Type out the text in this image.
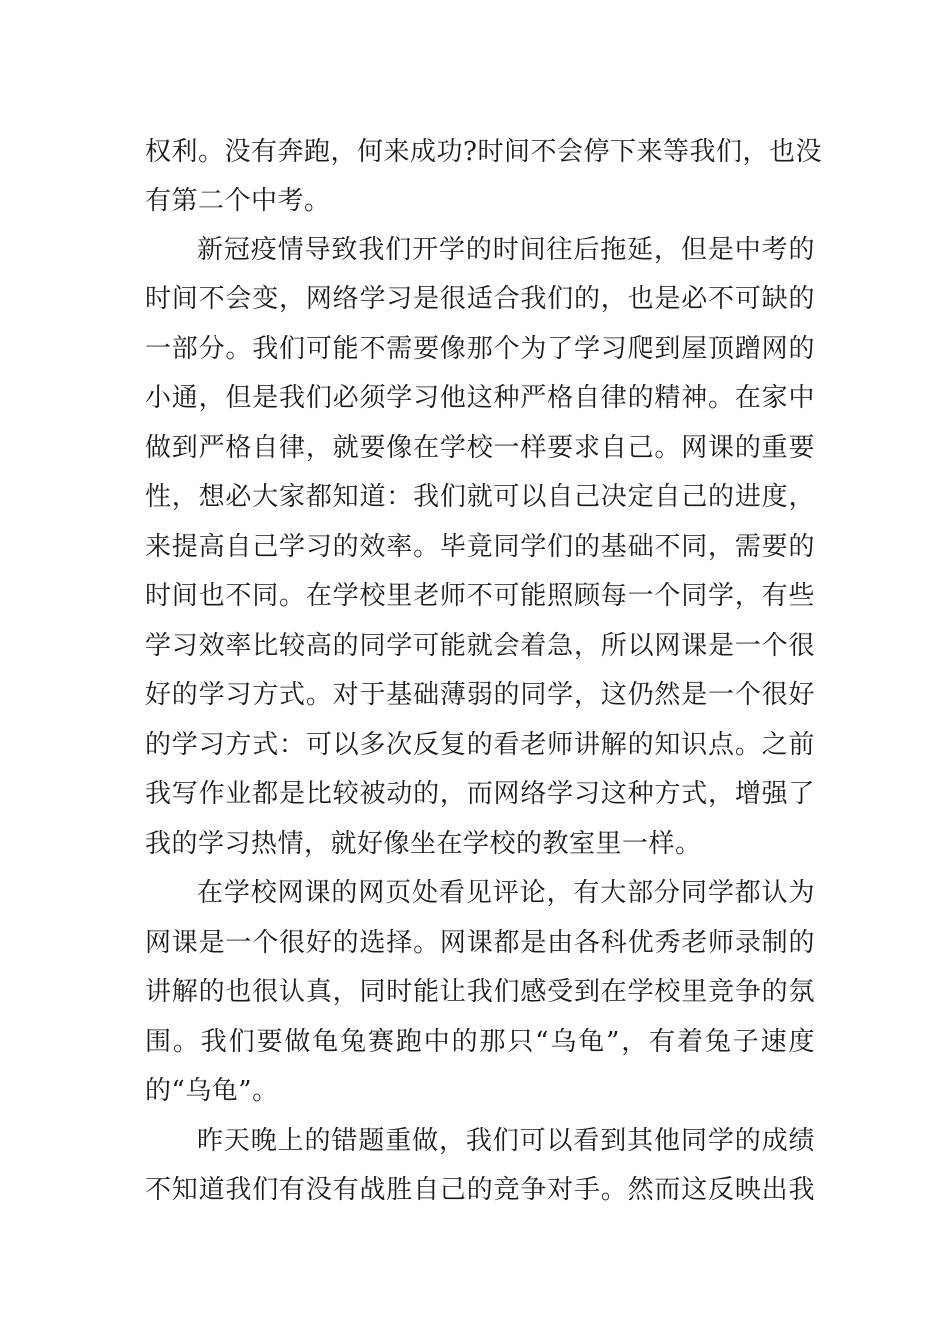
权利。没有奔跑，何来成功?时间不会停下来等我们，也没
有第二个中考。
新冠疫情导致我们开学的时间往后拖延，但是中考的
时间不会变，网络学习是很适合我们的，也是必不可缺的
一部分。我们可能不需要像那个为了学习爬到屋顶蹭网的
小通，但是我们必须学习他这种严格自律的精神。在家中
做到严格自律，就要像在学校一样要求自己。网课的重要
性，想必大家都知道：我们就可以自己决定自己的进度，
来提高自己学习的效率。毕竟同学们的基础不同，需要的
时间也不同。在学校里老师不可能照顾每一个同学，有些
学习效率比较高的同学可能就会着急，所以网课是一个很
好的学习方式。对于基础薄弱的同学，这仍然是一个很好
的学习方式：可以多次反复的看老师讲解的知识点。之前
我写作业都是比较被动的，而网络学习这种方式，增强了
我的学习热情，就好像坐在学校的教室里一样。
在学校网课的网页处看见评论，有大部分同学都认为
网课是一个很好的选择。网课都是由各科优秀老师录制的
讲解的也很认真，同时能让我们感受到在学校里竞争的氛
围。我们要做龟兔赛跑中的那只“乌龟”，有着兔子速度
的“乌龟”。
昨天晚上的错题重做，我们可以看到其他同学的成绩
不知道我们有没有战胜自己的竞争对手。然而这反映出我
